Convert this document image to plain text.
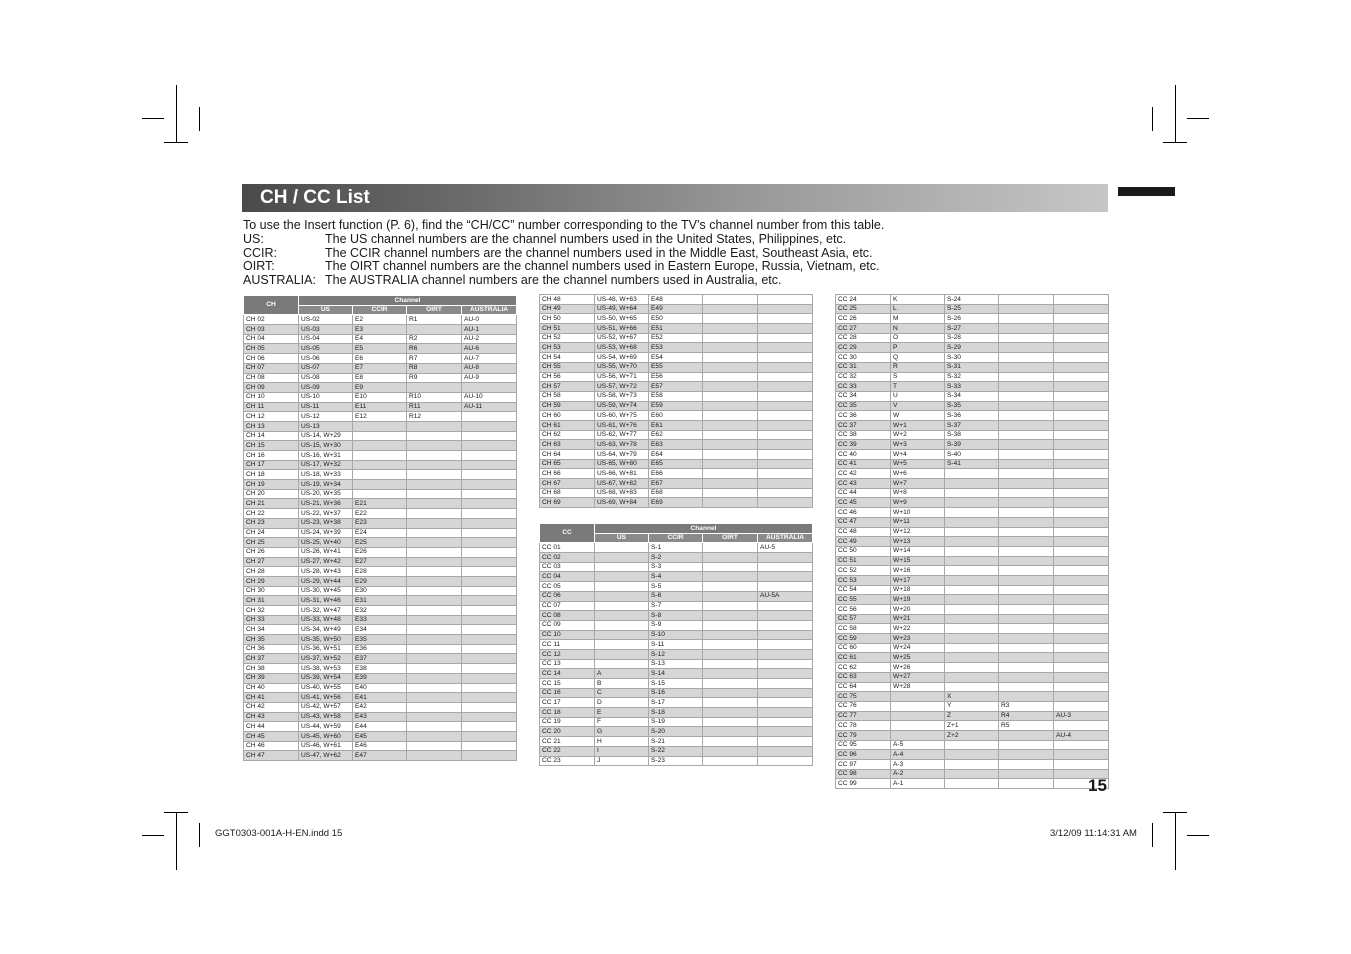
CH / CC List
To use the Insert function (P. 6), find the “CH/CC” number corresponding to the TV’s channel number from this table.
US:	The US channel numbers are the channel numbers used in the United States, Philippines, etc.
CCIR:	The CCIR channel numbers are the channel numbers used in the Middle East, Southeast Asia, etc.
OIRT:	The OIRT channel numbers are the channel numbers used in Eastern Europe, Russia, Vietnam, etc.
AUSTRALIA: The AUSTRALIA channel numbers are the channel numbers used in Australia, etc.
CH	Channel			
	US	CCIR	OIRT	AUSTRALIA
CH 02	US-02	E2	R1	AU-0
CH 03	US-03	E3		AU-1
CH 04	US-04	E4	R2	AU-2
CH 05	US-05	E5	R6	AU-6
CH 06	US-06	E6	R7	AU-7
CH 07	US-07	E7	R8	AU-8
CH 08	US-08	E8	R9	AU-9
CH 09	US-09	E9		
CH 10	US-10	E10	R10	AU-10
CH 11	US-11	E11	R11	AU-11
CH 12	US-12	E12	R12	
CH 13	US-13			
CH 14	US-14, W+29			
CH 15	US-15, W+30			
CH 16	US-16, W+31			
CH 17	US-17, W+32			
CH 18	US-18, W+33			
CH 19	US-19, W+34			
CH 20	US-20, W+35			
CH 21	US-21, W+36	E21		
CH 22	US-22, W+37	E22		
CH 23	US-23, W+38	E23		
CH 24	US-24, W+39	E24		
CH 25	US-25, W+40	E25		
CH 26	US-26, W+41	E26		
CH 27	US-27, W+42	E27		
CH 28	US-28, W+43	E28		
CH 29	US-29, W+44	E29		
CH 30	US-30, W+45	E30		
CH 31	US-31, W+46	E31		
CH 32	US-32, W+47	E32		
CH 33	US-33, W+48	E33		
CH 34	US-34, W+49	E34		
CH 35	US-35, W+50	E35		
CH 36	US-36, W+51	E36		
CH 37	US-37, W+52	E37		
CH 38	US-38, W+53	E38		
CH 39	US-39, W+54	E39		
CH 40	US-40, W+55	E40		
CH 41	US-41, W+56	E41		
CH 42	US-42, W+57	E42		
CH 43	US-43, W+58	E43		
CH 44	US-44, W+59	E44		
CH 45	US-45, W+60	E45		
CH 46	US-46, W+61	E46		
CH 47	US-47, W+62	E47		
CH 48	US-48, W+63	E48		
CH 49	US-49, W+64	E49		
CH 50	US-50, W+65	E50		
CH 51	US-51, W+66	E51		
CH 52	US-52, W+67	E52		
CH 53	US-53, W+68	E53		
CH 54	US-54, W+69	E54		
CH 55	US-55, W+70	E55		
CH 56	US-56, W+71	E56		
CH 57	US-57, W+72	E57		
CH 58	US-58, W+73	E58		
CH 59	US-59, W+74	E59		
CH 60	US-60, W+75	E60		
CH 61	US-61, W+76	E61		
CH 62	US-62, W+77	E62		
CH 63	US-63, W+78	E63		
CH 64	US-64, W+79	E64		
CH 65	US-65, W+80	E65		
CH 66	US-66, W+81	E66		
CH 67	US-67, W+82	E67		
CH 68	US-68, W+83	E68		
CH 69	US-69, W+84	E69		
CC	Channel			
	US	CCIR	OIRT	AUSTRALIA
CC 01		S-1		AU-5
CC 02		S-2		
CC 03		S-3		
CC 04		S-4		
CC 05		S-5		
CC 06		S-6		AU-5A
CC 07		S-7		
CC 08		S-8		
CC 09		S-9		
CC 10		S-10		
CC 11		S-11		
CC 12		S-12		
CC 13		S-13		
CC 14	A	S-14		
CC 15	B	S-15		
CC 16	C	S-16		
CC 17	D	S-17		
CC 18	E	S-18		
CC 19	F	S-19		
CC 20	G	S-20		
CC 21	H	S-21		
CC 22	I	S-22		
CC 23	J	S-23		
CC 24	K	S-24		
CC 25	L	S-25		
CC 26	M	S-26		
CC 27	N	S-27		
CC 28	O	S-28		
CC 29	P	S-29		
CC 30	Q	S-30		
CC 31	R	S-31		
CC 32	S	S-32		
CC 33	T	S-33		
CC 34	U	S-34		
CC 35	V	S-35		
CC 36	W	S-36		
CC 37	W+1	S-37		
CC 38	W+2	S-38		
CC 39	W+3	S-39		
CC 40	W+4	S-40		
CC 41	W+5	S-41		
CC 42	W+6			
CC 43	W+7			
CC 44	W+8			
CC 45	W+9			
CC 46	W+10			
CC 47	W+11			
CC 48	W+12			
CC 49	W+13			
CC 50	W+14			
CC 51	W+15			
CC 52	W+16			
CC 53	W+17			
CC 54	W+18			
CC 55	W+19			
CC 56	W+20			
CC 57	W+21			
CC 58	W+22			
CC 59	W+23			
CC 60	W+24			
CC 61	W+25			
CC 62	W+26			
CC 63	W+27			
CC 64	W+28			
CC 75		X		
CC 76		Y	R3	
CC 77		Z	R4	AU-3
CC 78		Z+1	R5	
CC 79		Z+2		AU-4
CC 95	A-5			
CC 96	A-4			
CC 97	A-3			
CC 98	A-2			
CC 99	A-1				15
GGT0303-001A-H-EN.indd 15	3/12/09 11:14:31 AM
